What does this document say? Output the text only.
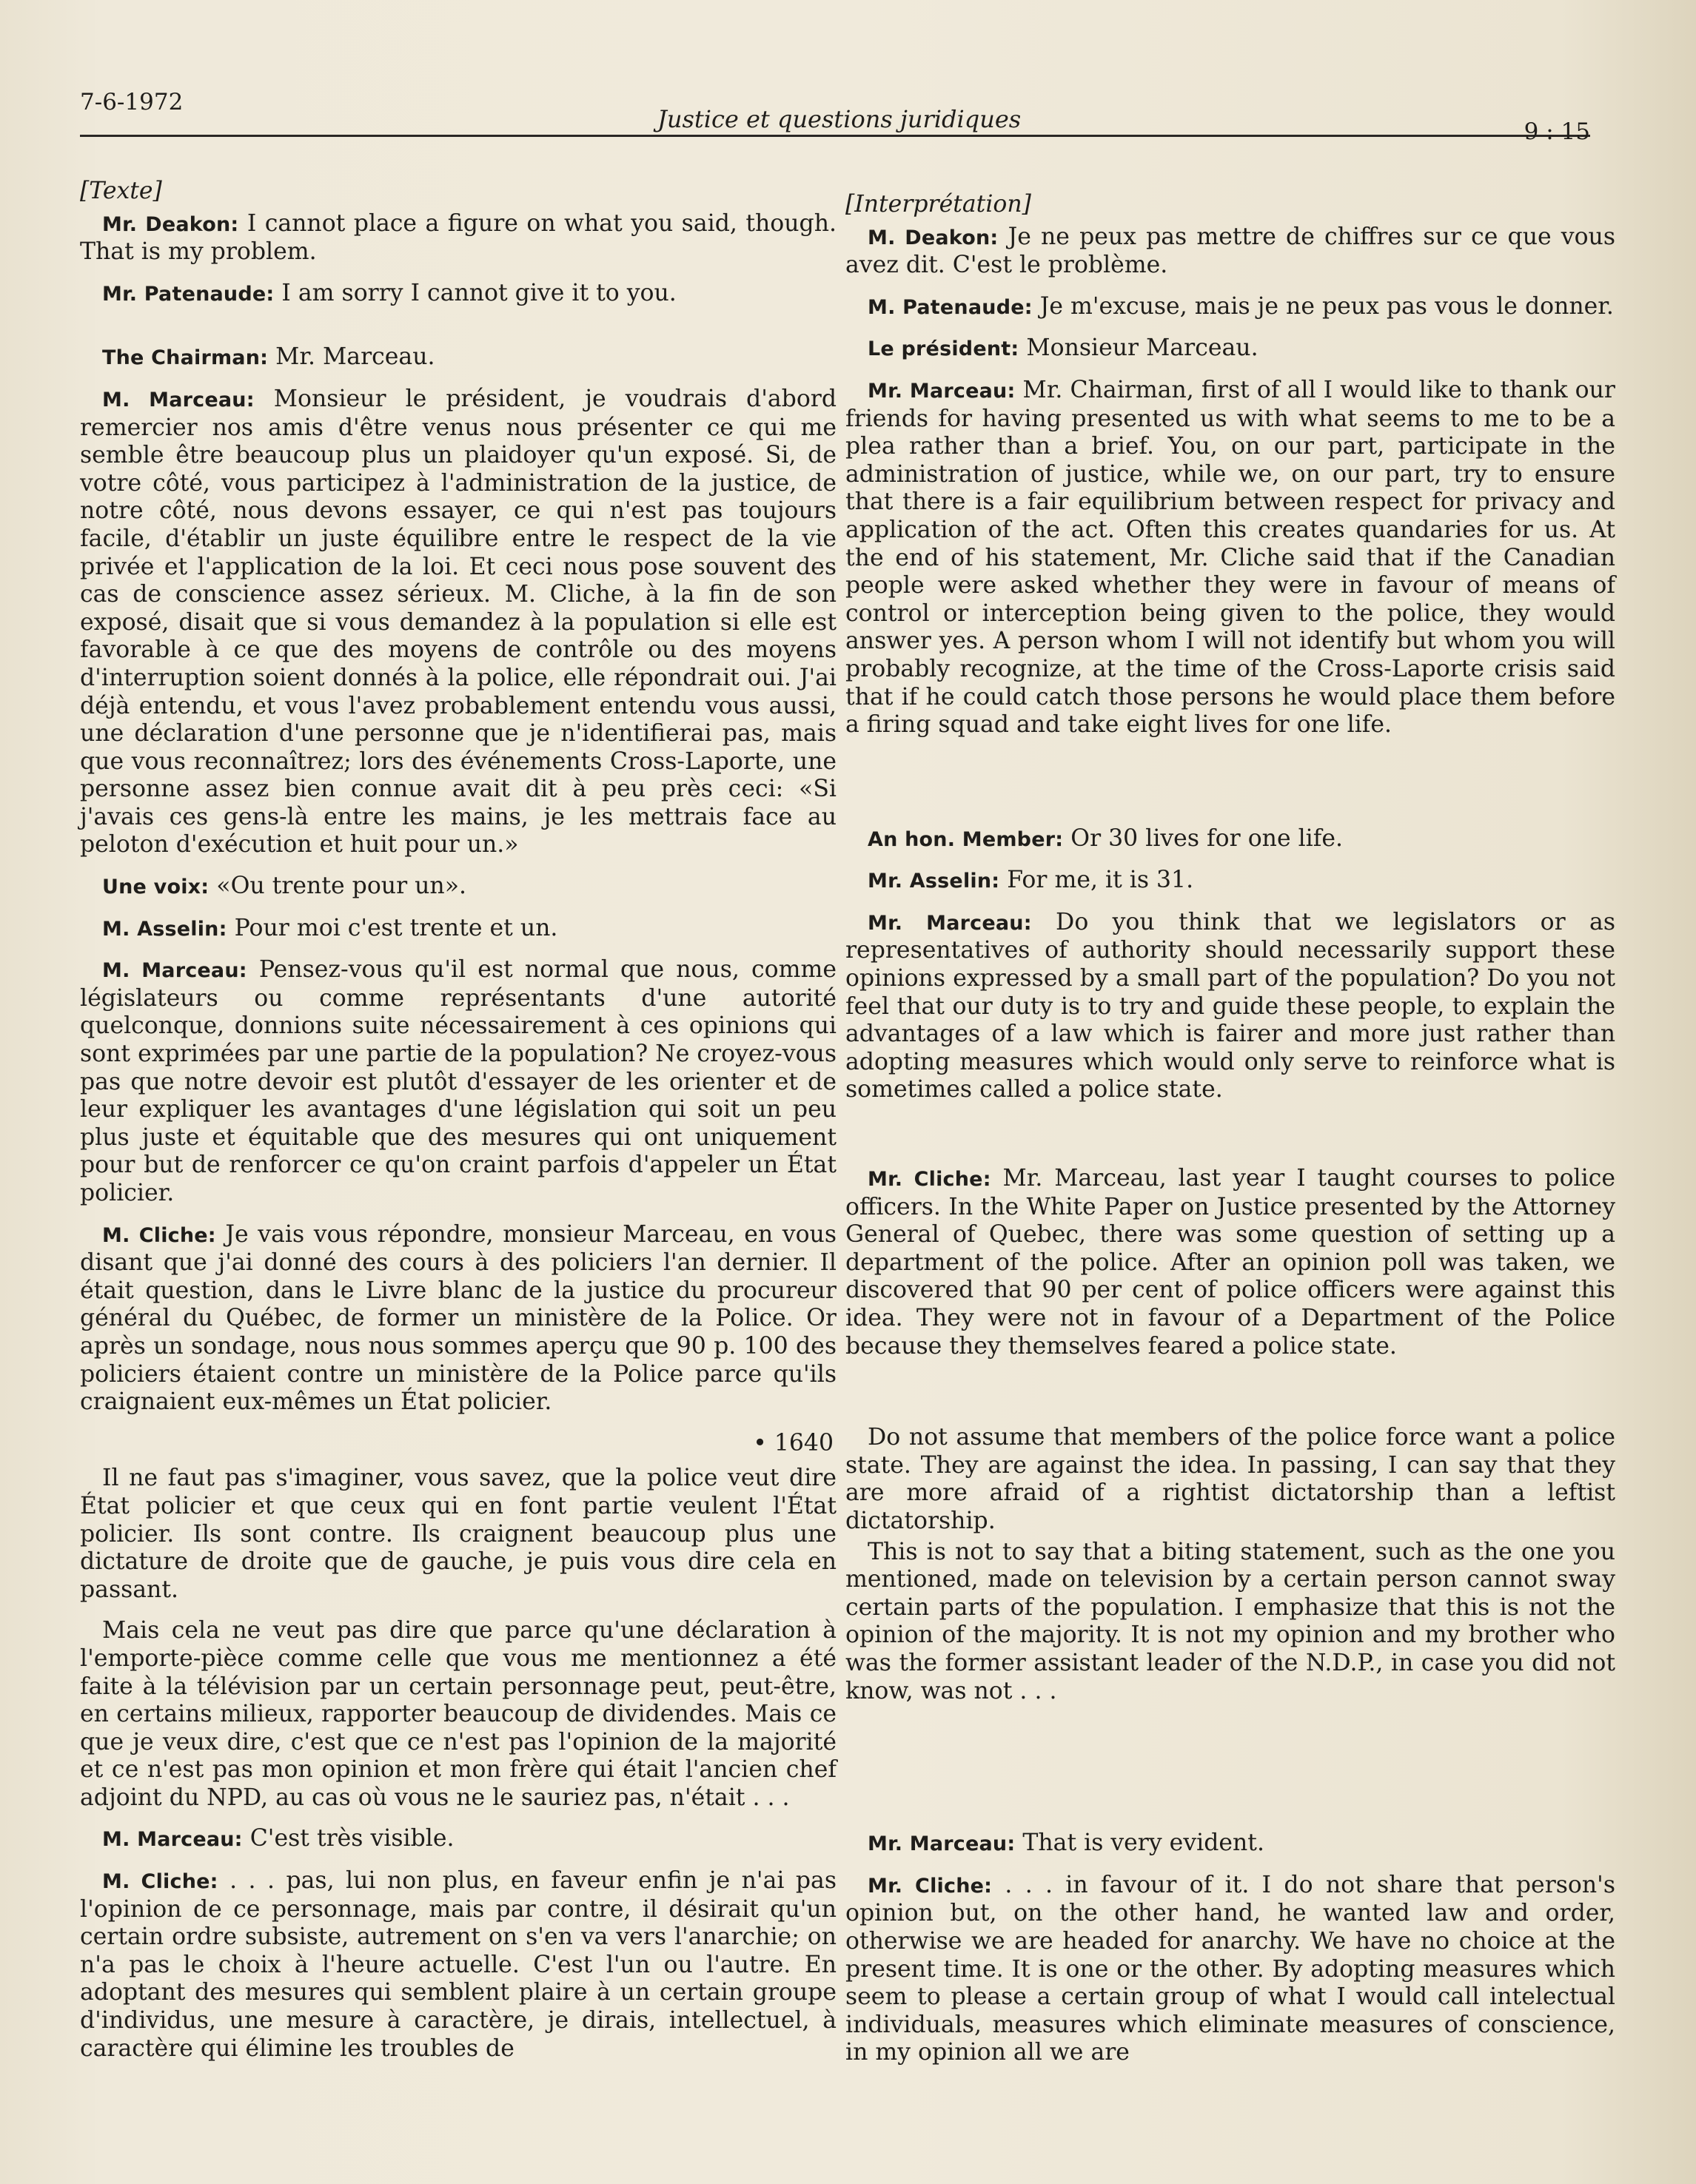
7-6-1972
Justice et questions juridiques	9 : 15
[Texte]

Mr. Deakon: I cannot place a figure on what you said, though. That is my problem.

Mr. Patenaude: I am sorry I cannot give it to you.

The Chairman: Mr. Marceau.

M. Marceau: Monsieur le président, je voudrais d'abord remercier nos amis d'être venus nous présenter ce qui me semble être beaucoup plus un plaidoyer qu'un exposé. Si, de votre côté, vous participez à l'administration de la justice, de notre côté, nous devons essayer, ce qui n'est pas toujours facile, d'établir un juste équilibre entre le respect de la vie privée et l'application de la loi. Et ceci nous pose souvent des cas de conscience assez sérieux. M. Cliche, à la fin de son exposé, disait que si vous demandez à la population si elle est favorable à ce que des moyens de contrôle ou des moyens d'interruption soient donnés à la police, elle répondrait oui. J'ai déjà entendu, et vous l'avez probablement entendu vous aussi, une déclaration d'une personne que je n'identifierai pas, mais que vous reconnaîtrez; lors des événements Cross-Laporte, une personne assez bien connue avait dit à peu près ceci: «Si j'avais ces gens-là entre les mains, je les mettrais face au peloton d'exécution et huit pour un.»

Une voix: «Ou trente pour un».

M. Asselin: Pour moi c'est trente et un.

M. Marceau: Pensez-vous qu'il est normal que nous, comme législateurs ou comme représentants d'une autorité quelconque, donnions suite nécessairement à ces opinions qui sont exprimées par une partie de la population? Ne croyez-vous pas que notre devoir est plutôt d'essayer de les orienter et de leur expliquer les avantages d'une législation qui soit un peu plus juste et équitable que des mesures qui ont uniquement pour but de renforcer ce qu'on craint parfois d'appeler un État policier.

M. Cliche: Je vais vous répondre, monsieur Marceau, en vous disant que j'ai donné des cours à des policiers l'an dernier. Il était question, dans le Livre blanc de la justice du procureur général du Québec, de former un ministère de la Police. Or après un sondage, nous nous sommes aperçu que 90 p. 100 des policiers étaient contre un ministère de la Police parce qu'ils craignaient eux-mêmes un État policier.

• 1640

Il ne faut pas s'imaginer, vous savez, que la police veut dire État policier et que ceux qui en font partie veulent l'État policier. Ils sont contre. Ils craignent beaucoup plus une dictature de droite que de gauche, je puis vous dire cela en passant.

Mais cela ne veut pas dire que parce qu'une déclaration à l'emporte-pièce comme celle que vous me mentionnez a été faite à la télévision par un certain personnage peut, peut-être, en certains milieux, rapporter beaucoup de dividendes. Mais ce que je veux dire, c'est que ce n'est pas l'opinion de la majorité et ce n'est pas mon opinion et mon frère qui était l'ancien chef adjoint du NPD, au cas où vous ne le sauriez pas, n'était . . .

M. Marceau: C'est très visible.

M. Cliche: . . . pas, lui non plus, en faveur enfin je n'ai pas l'opinion de ce personnage, mais par contre, il désirait qu'un certain ordre subsiste, autrement on s'en va vers l'anarchie; on n'a pas le choix à l'heure actuelle. C'est l'un ou l'autre. En adoptant des mesures qui semblent plaire à un certain groupe d'individus, une mesure à caractère, je dirais, intellectuel, à caractère qui élimine les troubles de

[Interprétation]

M. Deakon: Je ne peux pas mettre de chiffres sur ce que vous avez dit. C'est le problème.

M. Patenaude: Je m'excuse, mais je ne peux pas vous le donner.

Le président: Monsieur Marceau.

Mr. Marceau: Mr. Chairman, first of all I would like to thank our friends for having presented us with what seems to me to be a plea rather than a brief. You, on our part, participate in the administration of justice, while we, on our part, try to ensure that there is a fair equilibrium between respect for privacy and application of the act. Often this creates quandaries for us. At the end of his statement, Mr. Cliche said that if the Canadian people were asked whether they were in favour of means of control or interception being given to the police, they would answer yes. A person whom I will not identify but whom you will probably recognize, at the time of the Cross-Laporte crisis said that if he could catch those persons he would place them before a firing squad and take eight lives for one life.

An hon. Member: Or 30 lives for one life.

Mr. Asselin: For me, it is 31.

Mr. Marceau: Do you think that we legislators or as representatives of authority should necessarily support these opinions expressed by a small part of the population? Do you not feel that our duty is to try and guide these people, to explain the advantages of a law which is fairer and more just rather than adopting measures which would only serve to reinforce what is sometimes called a police state.

Mr. Cliche: Mr. Marceau, last year I taught courses to police officers. In the White Paper on Justice presented by the Attorney General of Quebec, there was some question of setting up a department of the police. After an opinion poll was taken, we discovered that 90 per cent of police officers were against this idea. They were not in favour of a Department of the Police because they themselves feared a police state.

Do not assume that members of the police force want a police state. They are against the idea. In passing, I can say that they are more afraid of a rightist dictatorship than a leftist dictatorship.

This is not to say that a biting statement, such as the one you mentioned, made on television by a certain person cannot sway certain parts of the population. I emphasize that this is not the opinion of the majority. It is not my opinion and my brother who was the former assistant leader of the N.D.P., in case you did not know, was not . . .

Mr. Marceau: That is very evident.

Mr. Cliche: . . . in favour of it. I do not share that person's opinion but, on the other hand, he wanted law and order, otherwise we are headed for anarchy. We have no choice at the present time. It is one or the other. By adopting measures which seem to please a certain group of what I would call intelectual individuals, measures which eliminate measures of conscience, in my opinion all we are
